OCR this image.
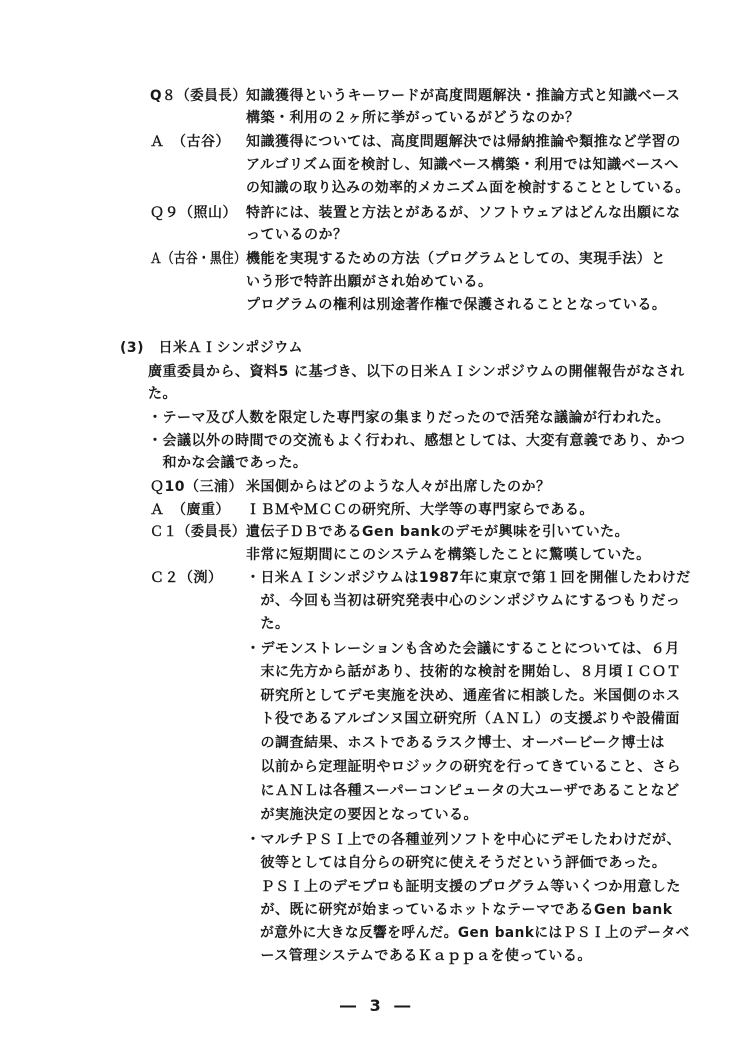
Q８（委員長） 知識獲得というキーワードが高度問題解決・推論方式と知識ベース
構築・利用の２ヶ所に挙がっているがどうなのか？
Ａ　（古谷） 知識獲得については、高度問題解決では帰納推論や類推など学習の
アルゴリズム面を検討し、知識ベース構築・利用では知識ベースへ
の知識の取り込みの効率的メカニズム面を検討することとしている。
Ｑ９（照山） 特許には、装置と方法とがあるが、ソフトウェアはどんな出願にな
っているのか？
Ａ（古谷・黒住） 機能を実現するための方法（プログラムとしての、実現手法）と
いう形で特許出願がされ始めている。
プログラムの権利は別途著作権で保護されることとなっている。
(3)　日米ＡＩシンポジウム
廣重委員から、資料5 に基づき、以下の日米ＡＩシンポジウムの開催報告がなされ
た。
・テーマ及び人数を限定した専門家の集まりだったので活発な議論が行われた。
・会議以外の時間での交流もよく行われ、感想としては、大変有意義であり、かつ
　和かな会議であった。
Ｑ10（三浦） 米国側からはどのような人々が出席したのか？
Ａ　（廣重） ＩＢＭやＭＣＣの研究所、大学等の専門家らである。
Ｃ１（委員長） 遺伝子ＤＢであるGen bankのデモが興味を引いていた。
非常に短期間にこのシステムを構築したことに驚嘆していた。
Ｃ２（渕） ・日米ＡＩシンポジウムは1987年に東京で第１回を開催したわけだ
　が、今回も当初は研究発表中心のシンポジウムにするつもりだっ
　た。
・デモンストレーションも含めた会議にすることについては、６月
　末に先方から話があり、技術的な検討を開始し、８月頃ＩＣＯＴ
　研究所としてデモ実施を決め、通産省に相談した。米国側のホス
　ト役であるアルゴンヌ国立研究所（ＡＮＬ）の支援ぶりや設備面
　の調査結果、ホストであるラスク博士、オーバービーク博士は
　以前から定理証明やロジックの研究を行ってきていること、さら
　にＡＮＬは各種スーパーコンピュータの大ユーザであることなど
　が実施決定の要因となっている。
・マルチＰＳＩ上での各種並列ソフトを中心にデモしたわけだが、
　彼等としては自分らの研究に使えそうだという評価であった。
　ＰＳＩ上のデモプロも証明支援のプログラム等いくつか用意した
　が、既に研究が始まっているホットなテーマであるGen bank
　が意外に大きな反響を呼んだ。Gen bankにはＰＳＩ上のデータベ
　ース管理システムであるＫａｐｐａを使っている。
― 3 ―
